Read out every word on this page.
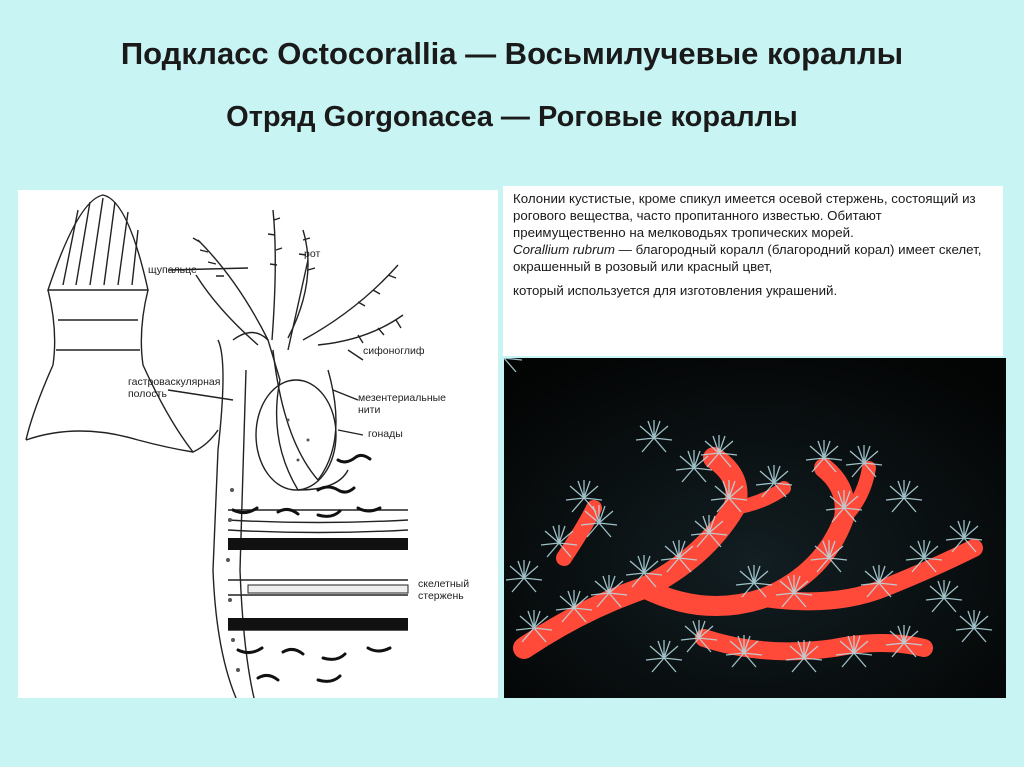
Подкласс Octocorallia — Восьмилучевые кораллы
Отряд Gorgonacea — Роговые кораллы
рот
щупальце
сифоноглиф
гастроваскулярная
полость	мезентериальные
нити
гонады
скелетный
стержень

Колонии кустистые, кроме спикул имеется осевой стержень, состоящий из рогового вещества, часто пропитанного известью. Обитают преимущественно на мелководьях тропических морей.

Corallium rubrum — благородный коралл (благородний корал) имеет скелет, окрашенный в розовый или красный цвет,

который используется для изготовления украшений.
